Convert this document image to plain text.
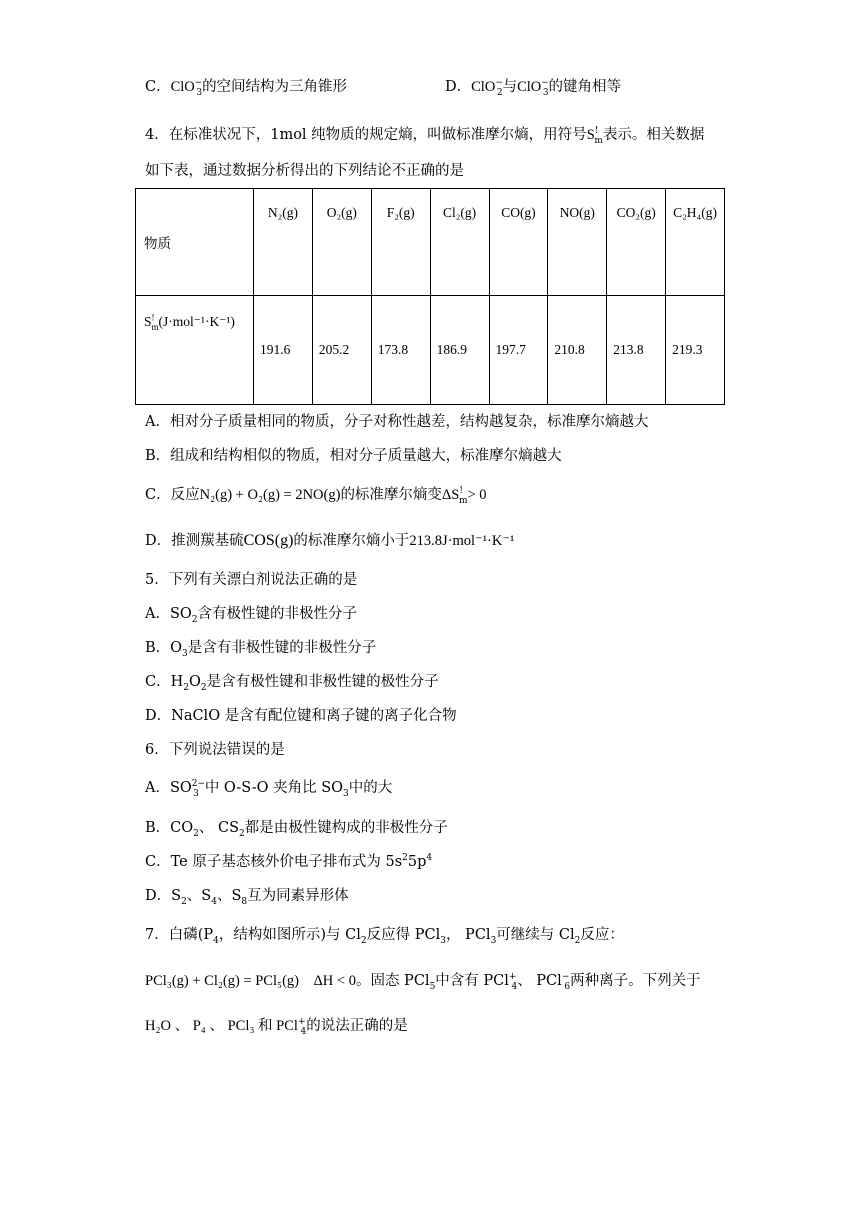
C．ClO−$_3$的空间结构为三角锥形	D．ClO−$_2$与ClO−$_3$的键角相等
4．在标准状况下，1mol 纯物质的规定熵，叫做标准摩尔熵，用符号$S^!_m$表示。相关数据
如下表，通过数据分析得出的下列结论不正确的是
物质	N₂(g)	O₂(g)	F₂(g)	Cl₂(g)	CO(g)	NO(g)	CO₂(g)	C₂H₄(g)
$S^!_m(J\cdot mol^{-1}\cdot K^{-1})$	191.6	205.2	173.8	186.9	197.7	210.8	213.8	219.3
A．相对分子质量相同的物质，分子对称性越差，结构越复杂，标准摩尔熵越大
B．组成和结构相似的物质，相对分子质量越大，标准摩尔熵越大
C．反应N₂(g) + O₂(g) = 2NO(g)的标准摩尔熵变$\Delta S^!_m> 0$
D．推测羰基硫COS(g)的标准摩尔熵小于213.8J·mol⁻¹·K⁻¹
5．下列有关漂白剂说法正确的是
A．$SO_2$含有极性键的非极性分子
B．$O_3$是含有非极性键的非极性分子
C．$H_2O_2$是含有极性键和非极性键的极性分子
D．NaClO 是含有配位键和离子键的离子化合物
6．下列说法错误的是
A．$SO^{2-}_3$ 中 O-S-O 夹角比 $SO_3$中的大
B．$CO_2$、 $CS_2$都是由极性键构成的非极性分子
C．Te 原子基态核外价电子排布式为 $5s^25p^4$
D．$S_2$、$S_4$、$S_8$互为同素异形体
7．白磷($P_4$，结构如图所示)与 $Cl_2$反应得 PCl$_3$， PCl$_3$可继续与 $Cl_2$反应：
PCl₃(g) + Cl₂(g) = PCl₅(g)    ΔH < 0。固态 PCl$_5$中含有 PCl+$_4$、 PCl−$_6$两种离子。下列关于
H₂O 、 P₄ 、 PCl₃ 和 PCl+$_4$的说法正确的是
